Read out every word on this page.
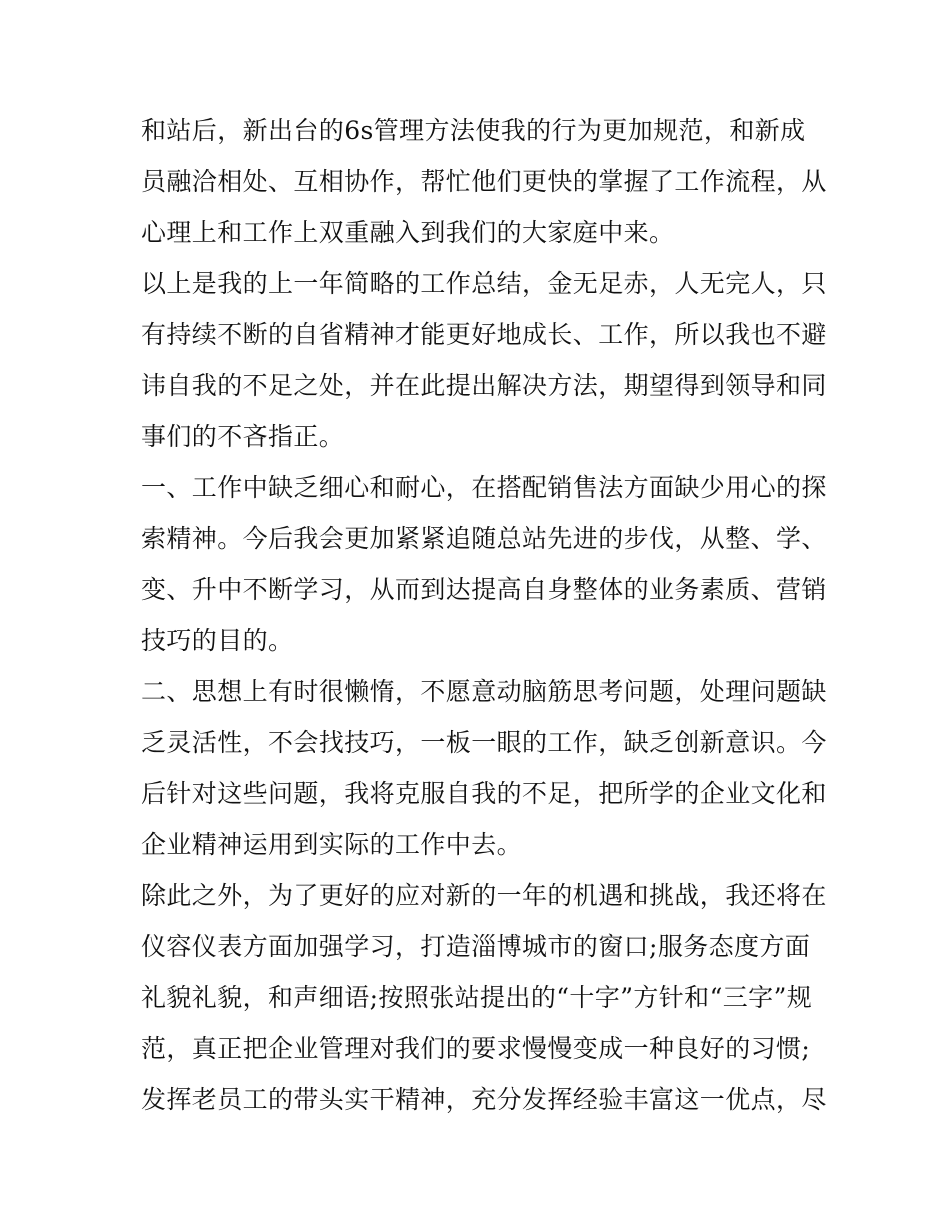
和站后，新出台的6s管理方法使我的行为更加规范，和新成
员融洽相处、互相协作，帮忙他们更快的掌握了工作流程，从
心理上和工作上双重融入到我们的大家庭中来。
以上是我的上一年简略的工作总结，金无足赤，人无完人，只
有持续不断的自省精神才能更好地成长、工作，所以我也不避
讳自我的不足之处，并在此提出解决方法，期望得到领导和同
事们的不吝指正。
一、工作中缺乏细心和耐心，在搭配销售法方面缺少用心的探
索精神。今后我会更加紧紧追随总站先进的步伐，从整、学、
变、升中不断学习，从而到达提高自身整体的业务素质、营销
技巧的目的。
二、思想上有时很懒惰，不愿意动脑筋思考问题，处理问题缺
乏灵活性，不会找技巧，一板一眼的工作，缺乏创新意识。今
后针对这些问题，我将克服自我的不足，把所学的企业文化和
企业精神运用到实际的工作中去。
除此之外，为了更好的应对新的一年的机遇和挑战，我还将在
仪容仪表方面加强学习，打造淄博城市的窗口;服务态度方面
礼貌礼貌，和声细语;按照张站提出的“十字”方针和“三字”规
范，真正把企业管理对我们的要求慢慢变成一种良好的习惯;
发挥老员工的带头实干精神，充分发挥经验丰富这一优点，尽
